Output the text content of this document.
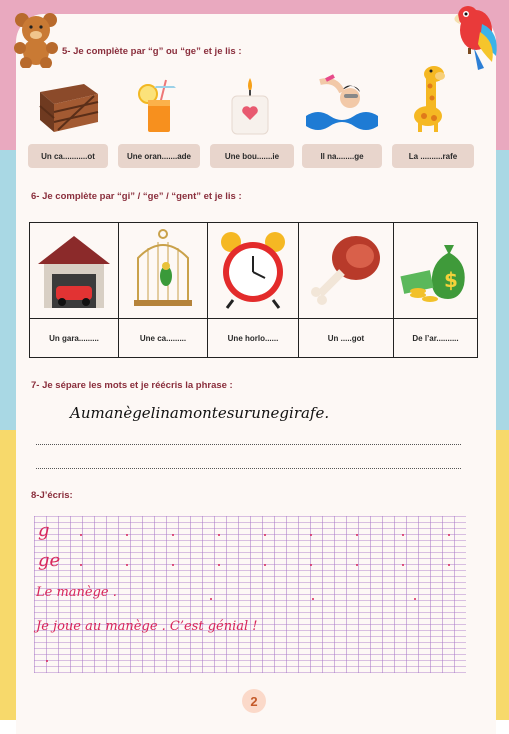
5- Je complète par “g” ou “ge” et je lis :
Un ca...........ot	Une oran.......ade	Une bou.......ie	Il na........ge	La ..........rafe
6- Je complète par “gi” / “ge” / “gent” et je lis :

$

Un gara.........	Une ca.........	Une horlo......	Un .....got	De l’ar..........
7- Je sépare les mots et je réécris la phrase :
Aumanègelinamontesurunegirafe.
8-J’écris:
g
ge
Le manège .
Je joue au manège . C’est génial !
2
